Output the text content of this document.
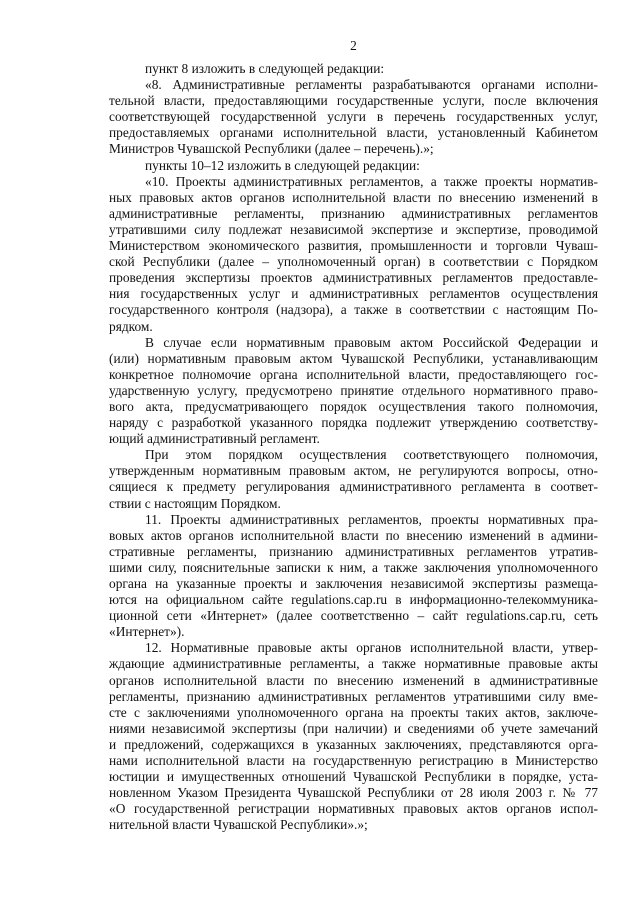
2
пункт 8 изложить в следующей редакции:
«8. Административные регламенты разрабатываются органами исполни-
тельной власти, предоставляющими государственные услуги, после включения
соответствующей государственной услуги в перечень государственных услуг,
предоставляемых органами исполнительной власти, установленный Кабинетом
Министров Чувашской Республики (далее – перечень).»;
пункты 10–12 изложить в следующей редакции:
«10. Проекты административных регламентов, а также проекты норматив-
ных правовых актов органов исполнительной власти по внесению изменений в
административные регламенты, признанию административных регламентов
утратившими силу подлежат независимой экспертизе и экспертизе, проводимой
Министерством экономического развития, промышленности и торговли Чуваш-
ской Республики (далее – уполномоченный орган) в соответствии с Порядком
проведения экспертизы проектов административных регламентов предоставле-
ния государственных услуг и административных регламентов осуществления
государственного контроля (надзора), а также в соответствии с настоящим По-
рядком.
В случае если нормативным правовым актом Российской Федерации и
(или) нормативным правовым актом Чувашской Республики, устанавливающим
конкретное полномочие органа исполнительной власти, предоставляющего гос-
ударственную услугу, предусмотрено принятие отдельного нормативного право-
вого акта, предусматривающего порядок осуществления такого полномочия,
наряду с разработкой указанного порядка подлежит утверждению соответству-
ющий административный регламент.
При этом порядком осуществления соответствующего полномочия,
утвержденным нормативным правовым актом, не регулируются вопросы, отно-
сящиеся к предмету регулирования административного регламента в соответ-
ствии с настоящим Порядком.
11. Проекты административных регламентов, проекты нормативных пра-
вовых актов органов исполнительной власти по внесению изменений в админи-
стративные регламенты, признанию административных регламентов утратив-
шими силу, пояснительные записки к ним, а также заключения уполномоченного
органа на указанные проекты и заключения независимой экспертизы размеща-
ются на официальном сайте regulations.cap.ru в информационно-телекоммуника-
ционной сети «Интернет» (далее соответственно – сайт regulations.cap.ru, сеть
«Интернет»).
12. Нормативные правовые акты органов исполнительной власти, утвер-
ждающие административные регламенты, а также нормативные правовые акты
органов исполнительной власти по внесению изменений в административные
регламенты, признанию административных регламентов утратившими силу вме-
сте с заключениями уполномоченного органа на проекты таких актов, заключе-
ниями независимой экспертизы (при наличии) и сведениями об учете замечаний
и предложений, содержащихся в указанных заключениях, представляются орга-
нами исполнительной власти на государственную регистрацию в Министерство
юстиции и имущественных отношений Чувашской Республики в порядке, уста-
новленном Указом Президента Чувашской Республики от 28 июля 2003 г. № 77
«О государственной регистрации нормативных правовых актов органов испол-
нительной власти Чувашской Республики».»;
